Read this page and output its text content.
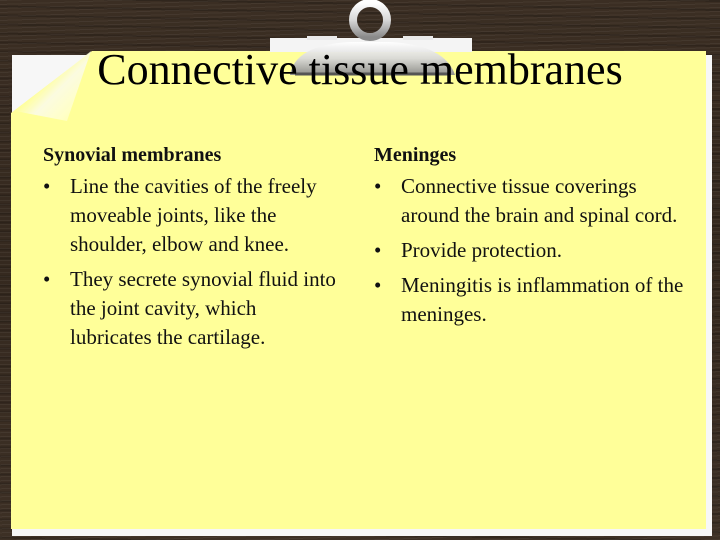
Connective tissue membranes
Synovial membranes
• Line the cavities of the freely moveable joints, like the shoulder, elbow and knee.
• They secrete synovial fluid into the joint cavity, which lubricates the cartilage.
Meninges
• Connective tissue coverings around the brain and spinal cord.
• Provide protection.
• Meningitis is inflammation of the meninges.
